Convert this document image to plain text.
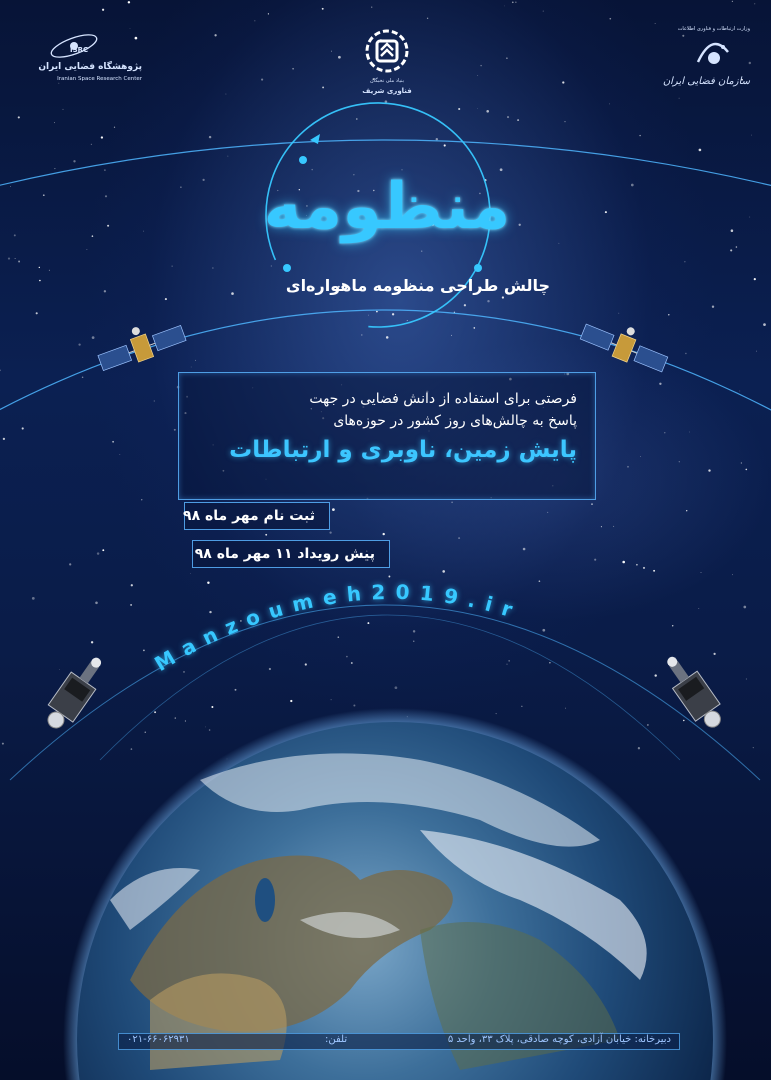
ISRC
پژوهشگاه فضایی ایران
Iranian Space Research Center	بنیاد ملی نخبگان
فناوری شریف
وزارت ارتباطات و فناوری اطلاعات
سازمان فضایی ایران
منظومه
چالش طراحی منظومه ماهواره‌ای
فرصتی برای استفاده از دانش فضایی در جهت
پاسخ به چالش‌های روز کشور در حوزه‌های
پایش زمین، ناوبری و ارتباطات
ثبت نام مهر ماه ۹۸
پیش رویداد ۱۱ مهر ماه ۹۸
Manzoumeh2019.ir
۰۲۱-۶۶۰۶۲۹۳۱	تلفن:	دبیرخانه: خیابان آزادی، کوچه صادقی، پلاک ۳۳، واحد ۵
